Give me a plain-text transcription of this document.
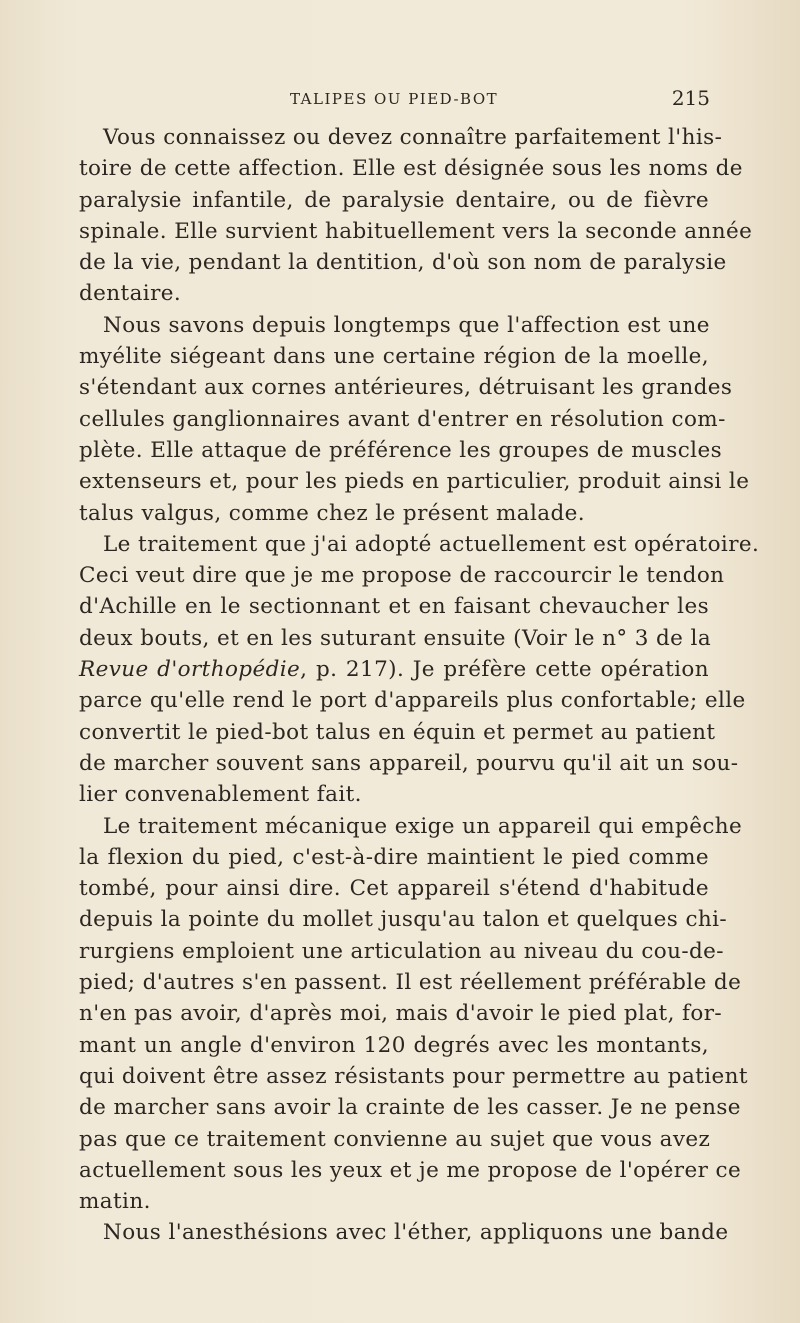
TALIPES OU PIED-BOT	215
Vous connaissez ou devez connaître parfaitement l'his-
toire de cette affection. Elle est désignée sous les noms de
paralysie infantile, de paralysie dentaire, ou de fièvre
spinale. Elle survient habituellement vers la seconde année
de la vie, pendant la dentition, d'où son nom de paralysie
dentaire.
Nous savons depuis longtemps que l'affection est une
myélite siégeant dans une certaine région de la moelle,
s'étendant aux cornes antérieures, détruisant les grandes
cellules ganglionnaires avant d'entrer en résolution com-
plète. Elle attaque de préférence les groupes de muscles
extenseurs et, pour les pieds en particulier, produit ainsi le
talus valgus, comme chez le présent malade.
Le traitement que j'ai adopté actuellement est opératoire.
Ceci veut dire que je me propose de raccourcir le tendon
d'Achille en le sectionnant et en faisant chevaucher les
deux bouts, et en les suturant ensuite (Voir le n° 3 de la
Revue d'orthopédie, p. 217). Je préfère cette opération
parce qu'elle rend le port d'appareils plus confortable; elle
convertit le pied-bot talus en équin et permet au patient
de marcher souvent sans appareil, pourvu qu'il ait un sou-
lier convenablement fait.
Le traitement mécanique exige un appareil qui empêche
la flexion du pied, c'est-à-dire maintient le pied comme
tombé, pour ainsi dire. Cet appareil s'étend d'habitude
depuis la pointe du mollet jusqu'au talon et quelques chi-
rurgiens emploient une articulation au niveau du cou-de-
pied; d'autres s'en passent. Il est réellement préférable de
n'en pas avoir, d'après moi, mais d'avoir le pied plat, for-
mant un angle d'environ 120 degrés avec les montants,
qui doivent être assez résistants pour permettre au patient
de marcher sans avoir la crainte de les casser. Je ne pense
pas que ce traitement convienne au sujet que vous avez
actuellement sous les yeux et je me propose de l'opérer ce
matin.
Nous l'anesthésions avec l'éther, appliquons une bande
